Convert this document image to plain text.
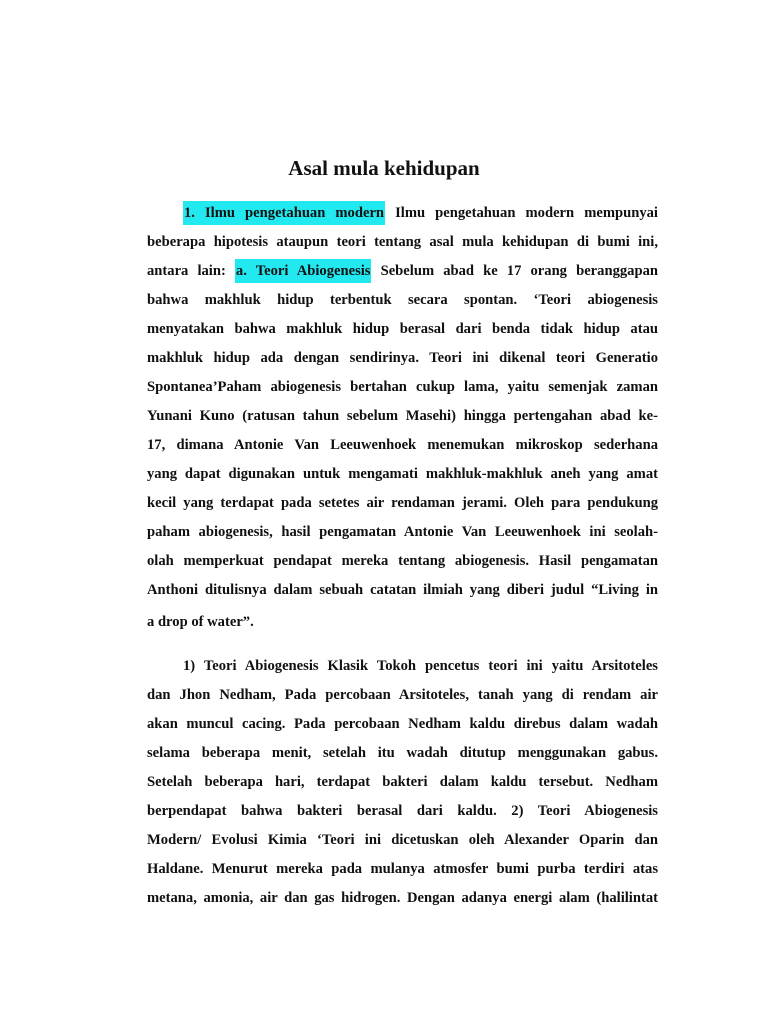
Asal mula kehidupan

1. Ilmu pengetahuan modern Ilmu pengetahuan modern mempunyai

beberapa hipotesis ataupun teori tentang asal mula kehidupan di bumi ini,

antara lain: a. Teori Abiogenesis Sebelum abad ke 17 orang beranggapan

bahwa makhluk hidup terbentuk secara spontan. ‘Teori abiogenesis

menyatakan bahwa makhluk hidup berasal dari benda tidak hidup atau

makhluk hidup ada dengan sendirinya. Teori ini dikenal teori Generatio

Spontanea’Paham abiogenesis bertahan cukup lama, yaitu semenjak zaman

Yunani Kuno (ratusan tahun sebelum Masehi) hingga pertengahan abad ke-

17, dimana Antonie Van Leeuwenhoek menemukan mikroskop sederhana

yang dapat digunakan untuk mengamati makhluk-makhluk aneh yang amat

kecil yang terdapat pada setetes air rendaman jerami. Oleh para pendukung

paham abiogenesis, hasil pengamatan Antonie Van Leeuwenhoek ini seolah-

olah memperkuat pendapat mereka tentang abiogenesis. Hasil pengamatan

Anthoni ditulisnya dalam sebuah catatan ilmiah yang diberi judul “Living in

a drop of water”.

1) Teori Abiogenesis Klasik Tokoh pencetus teori ini yaitu Arsitoteles

dan Jhon Nedham, Pada percobaan Arsitoteles, tanah yang di rendam air

akan muncul cacing. Pada percobaan Nedham kaldu direbus dalam wadah

selama beberapa menit, setelah itu wadah ditutup menggunakan gabus.

Setelah beberapa hari, terdapat bakteri dalam kaldu tersebut. Nedham

berpendapat bahwa bakteri berasal dari kaldu. 2) Teori Abiogenesis

Modern/ Evolusi Kimia ‘Teori ini dicetuskan oleh Alexander Oparin dan

Haldane. Menurut mereka pada mulanya atmosfer bumi purba terdiri atas

metana, amonia, air dan gas hidrogen. Dengan adanya energi alam (halilintat
